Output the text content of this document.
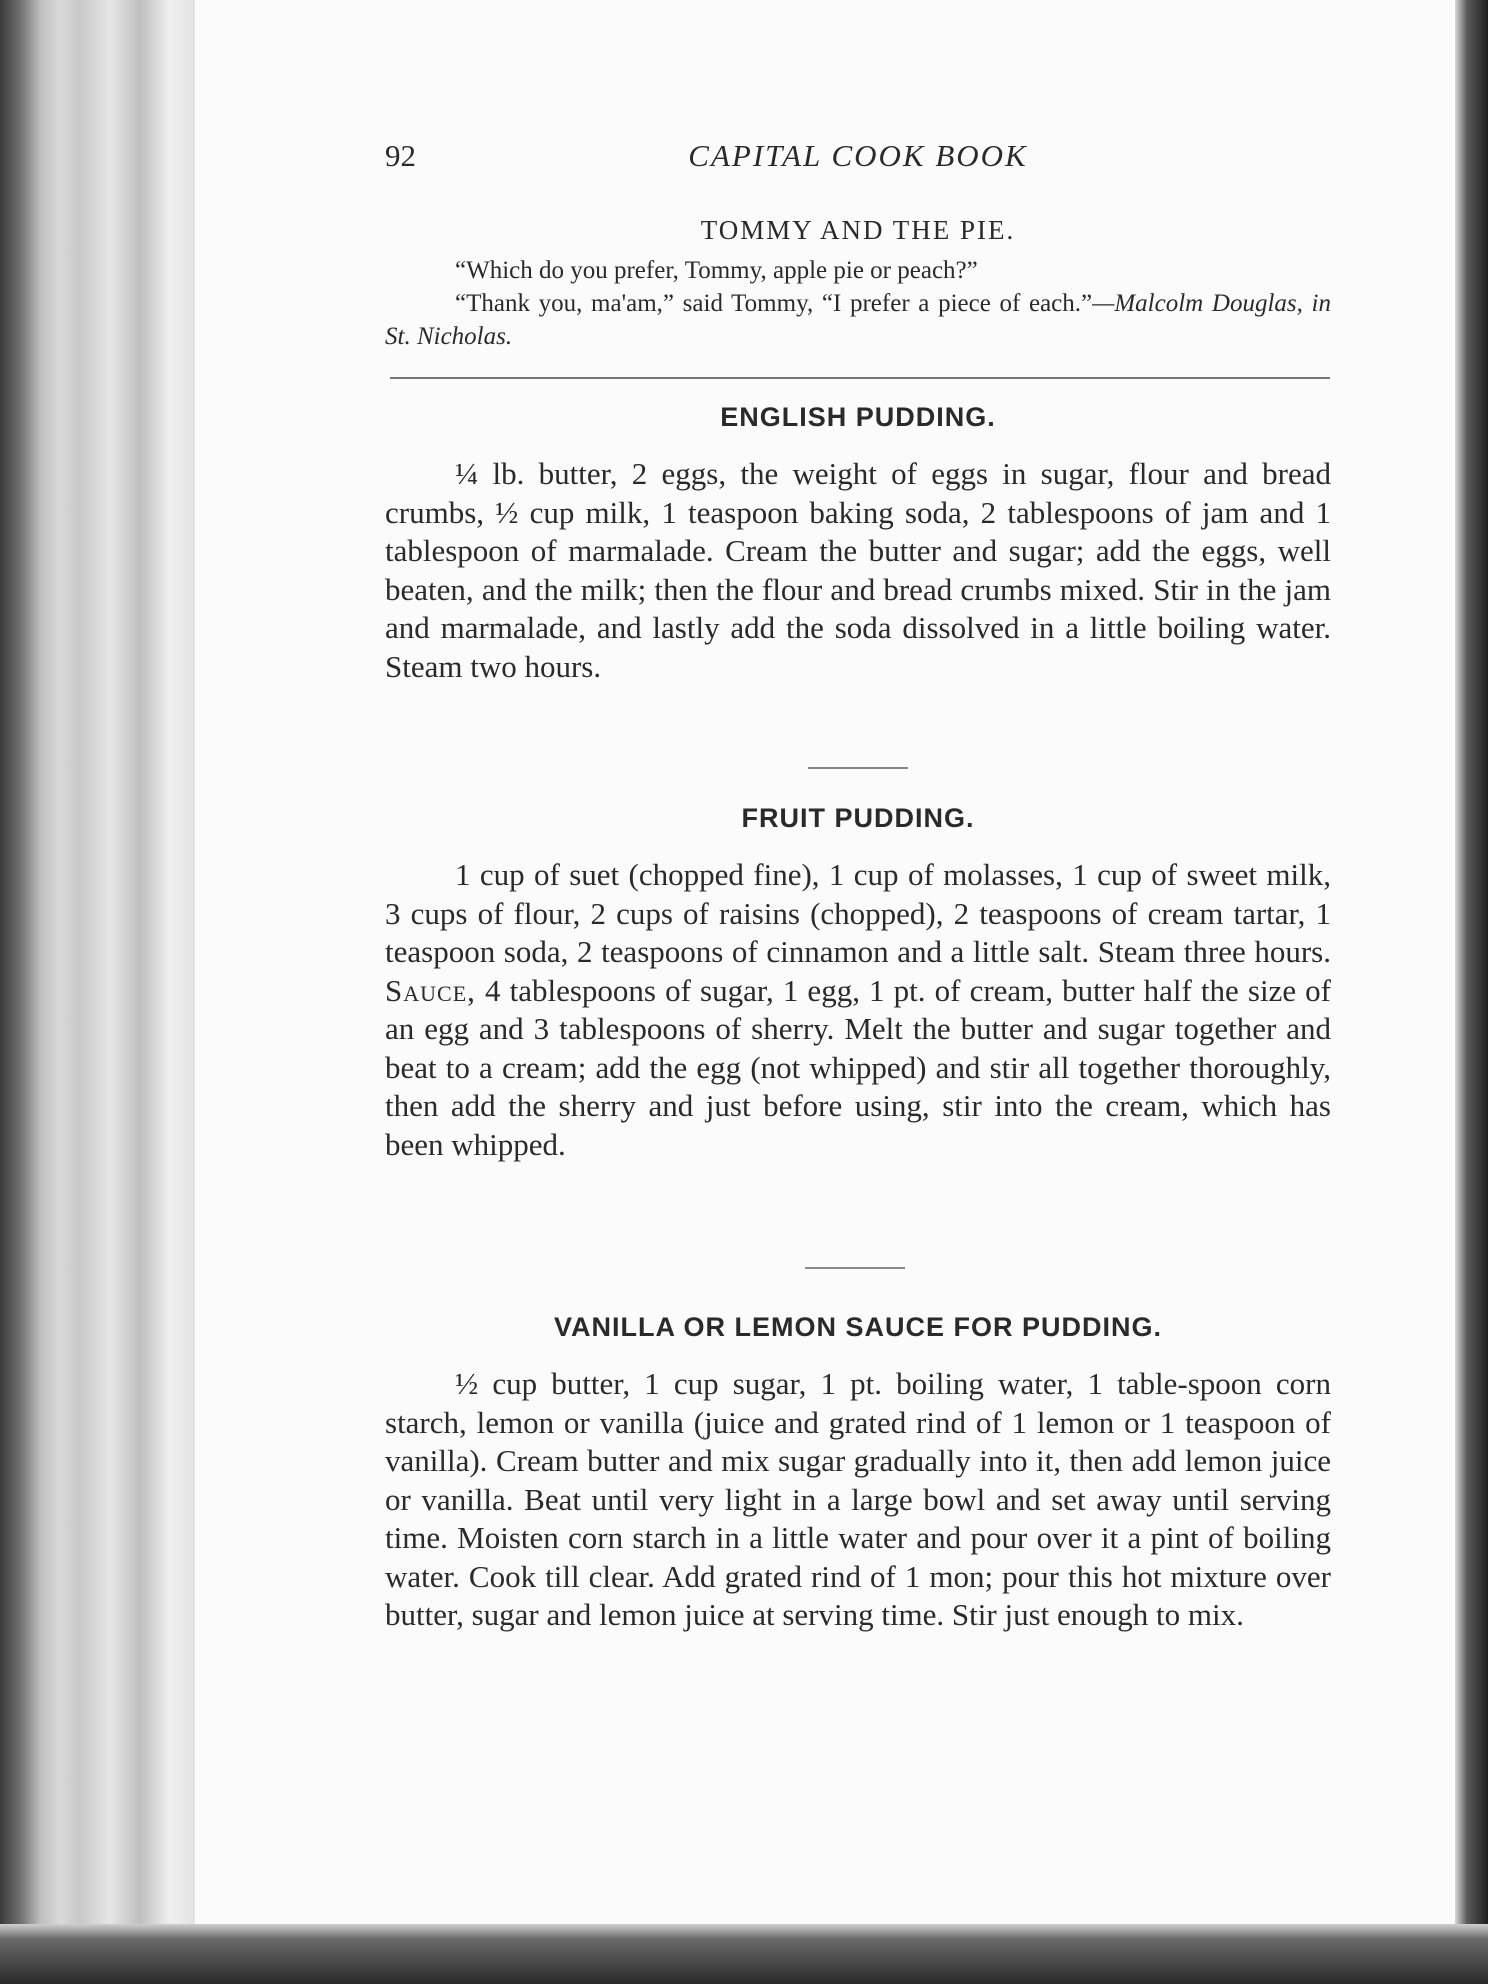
92	CAPITAL COOK BOOK
TOMMY AND THE PIE.

“Which do you prefer, Tommy, apple pie or peach?”

“Thank you, ma'am,” said Tommy, “I prefer a piece of each.”—Malcolm Douglas, in St. Nicholas.

ENGLISH PUDDING.

¼ lb. butter, 2 eggs, the weight of eggs in sugar, flour and bread crumbs, ½ cup milk, 1 teaspoon baking soda, 2 tablespoons of jam and 1 tablespoon of marmalade. Cream the butter and sugar; add the eggs, well beaten, and the milk; then the flour and bread crumbs mixed. Stir in the jam and marmalade, and lastly add the soda dissolved in a little boiling water. Steam two hours.

FRUIT PUDDING.

1 cup of suet (chopped fine), 1 cup of molasses, 1 cup of sweet milk, 3 cups of flour, 2 cups of raisins (chopped), 2 teaspoons of cream tartar, 1 teaspoon soda, 2 teaspoons of cinnamon and a little salt. Steam three hours. Sauce, 4 tablespoons of sugar, 1 egg, 1 pt. of cream, butter half the size of an egg and 3 tablespoons of sherry. Melt the butter and sugar together and beat to a cream; add the egg (not whipped) and stir all together thoroughly, then add the sherry and just before using, stir into the cream, which has been whipped.

VANILLA OR LEMON SAUCE FOR PUDDING.

½ cup butter, 1 cup sugar, 1 pt. boiling water, 1 table-spoon corn starch, lemon or vanilla (juice and grated rind of 1 lemon or 1 teaspoon of vanilla). Cream butter and mix sugar gradually into it, then add lemon juice or vanilla. Beat until very light in a large bowl and set away until serving time. Moisten corn starch in a little water and pour over it a pint of boiling water. Cook till clear. Add grated rind of 1 mon; pour this hot mixture over butter, sugar and lemon juice at serving time. Stir just enough to mix.
